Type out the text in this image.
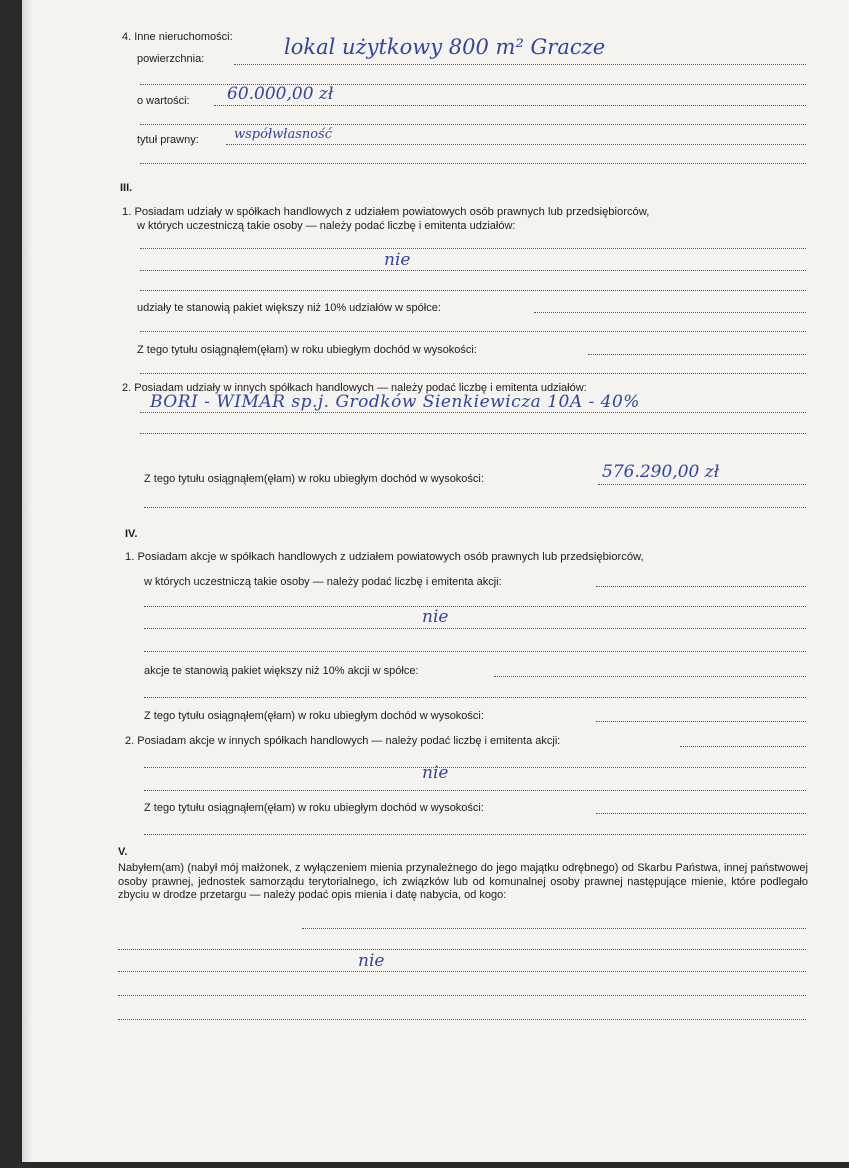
4. Inne nieruchomości:
powierzchnia:	lokal użytkowy 800 m² Gracze
o wartości: 60.000,00 zł
tytuł prawny:	współwłasność
III.
1. Posiadam udziały w spółkach handlowych z udziałem powiatowych osób prawnych lub przedsiębiorców,
w których uczestniczą takie osoby — należy podać liczbę i emitenta udziałów:
nie
udziały te stanowią pakiet większy niż 10% udziałów w spółce:
Z tego tytułu osiągnąłem(ęłam) w roku ubiegłym dochód w wysokości:
2. Posiadam udziały w innych spółkach handlowych — należy podać liczbę i emitenta udziałów:
BORI - WIMAR sp.j. Grodków Sienkiewicza 10A - 40%
Z tego tytułu osiągnąłem(ęłam) w roku ubiegłym dochód w wysokości:	576.290,00 zł
IV.
1. Posiadam akcje w spółkach handlowych z udziałem powiatowych osób prawnych lub przedsiębiorców,
w których uczestniczą takie osoby — należy podać liczbę i emitenta akcji:
nie
akcje te stanowią pakiet większy niż 10% akcji w spółce:
Z tego tytułu osiągnąłem(ęłam) w roku ubiegłym dochód w wysokości:
2. Posiadam akcje w innych spółkach handlowych — należy podać liczbę i emitenta akcji:
nie
Z tego tytułu osiągnąłem(ęłam) w roku ubiegłym dochód w wysokości:
V.
Nabyłem(am) (nabył mój małżonek, z wyłączeniem mienia przynależnego do jego majątku odrębnego) od Skarbu Państwa, innej państwowej osoby prawnej, jednostek samorządu terytorialnego, ich związków lub od komunalnej osoby prawnej następujące mienie, które podlegało zbyciu w drodze przetargu — należy podać opis mienia i datę nabycia, od kogo:
nie
